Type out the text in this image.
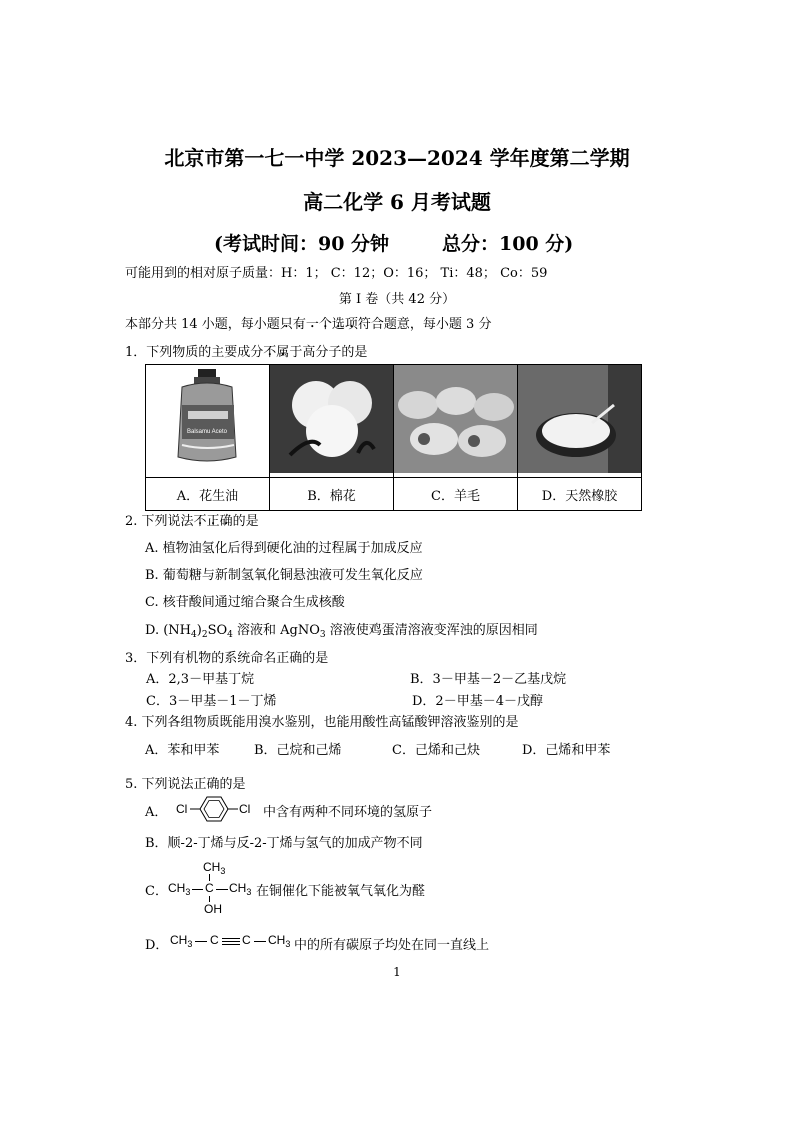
北京市第一七一中学 2023—2024 学年度第二学期
高二化学 6 月考试题
(考试时间：90 分钟	总分：100 分)
可能用到的相对原子质量：H：1； C：12；O：16； Ti：48； Co：59
第 I 卷（共 42 分）
本部分共 14 小题，每小题只 •有 •一 •个 •选 •项 •符合题意，每小题 3 分
1．下列物质的主要成分不 •属 •于高分子的是
Balsamu Aceto

A．花生油	B．棉花	C．羊毛	D．天然橡胶
2. 下列说法不 •正 •确 •的是
A. 植物油氢化后得到硬化油的过程属于加成反应
B. 葡萄糖与新制氢氧化铜悬浊液可发生氧化反应
C. 核苷酸间通过缩合聚合生成核酸
D. $(NH_4)_2SO_4$ 溶液和 AgNO$_3$ 溶液使鸡蛋清溶液变浑浊的原因相同
3．下列有机物的系统命名正确的是
A．2,3－甲基丁烷	B．3－甲基－2－乙基戊烷
C．3－甲基－1－丁烯	D．2－甲基－4－戊醇
4. 下列各组物质既能用溴水鉴别，也能用酸性高锰酸钾溶液鉴别的是
A．苯和甲苯	B．己烷和己烯	C．己烯和己炔	D．己烯和甲苯
5. 下列说法正确的是
A． Cl	Cl 中含有两种不同环境的氢原子
B．顺-2-丁烯与反-2-丁烯与氢气的加成产物不同
C．
$CH_3$
$CH_3$ C $CH_3$
OH
在铜催化下能被氧气氧化为醛
D． $CH_3$ C C $CH_3$ 中的所有碳原子均处在同一直线上
1
